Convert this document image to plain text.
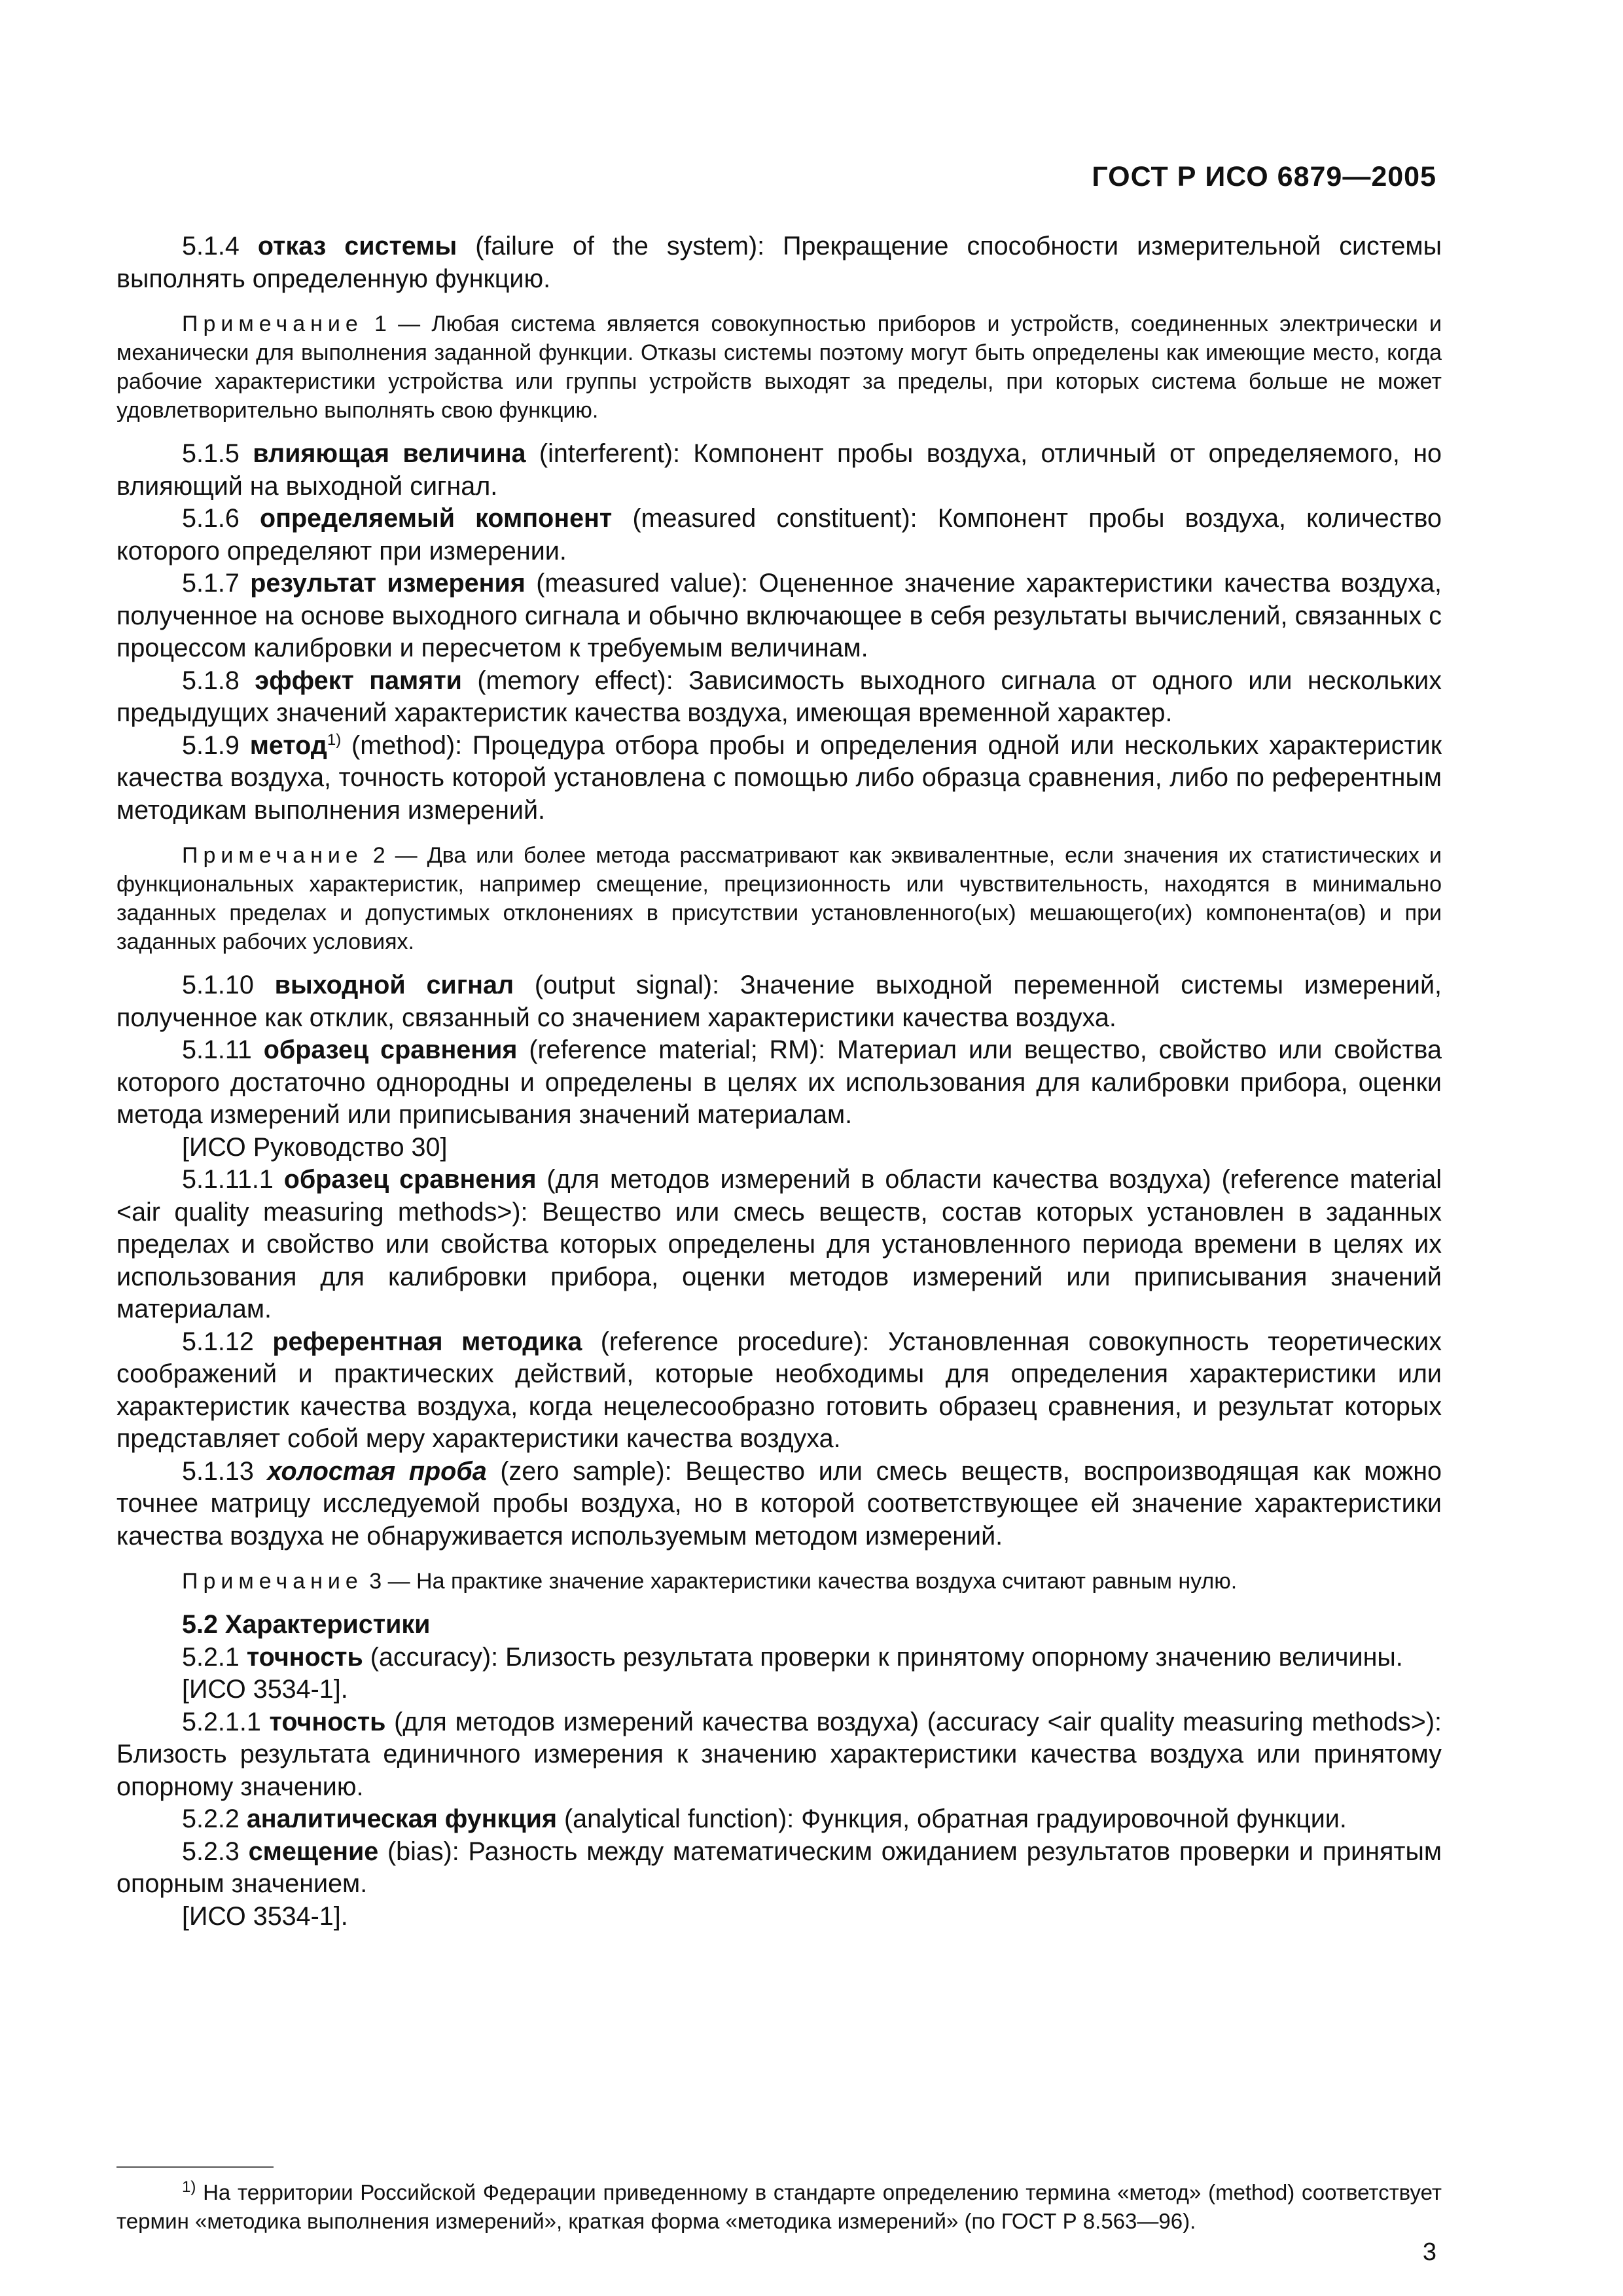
ГОСТ Р ИСО 6879—2005

5.1.4 отказ системы (failure of the system): Прекращение способности измерительной системы выполнять определенную функцию.

Примечание 1 — Любая система является совокупностью приборов и устройств, соединенных электрически и механически для выполнения заданной функции. Отказы системы поэтому могут быть определены как имеющие место, когда рабочие характеристики устройства или группы устройств выходят за пределы, при которых система больше не может удовлетворительно выполнять свою функцию.

5.1.5 влияющая величина (interferent): Компонент пробы воздуха, отличный от определяемого, но влияющий на выходной сигнал.

5.1.6 определяемый компонент (measured constituent): Компонент пробы воздуха, количество которого определяют при измерении.

5.1.7 результат измерения (measured value): Оцененное значение характеристики качества воздуха, полученное на основе выходного сигнала и обычно включающее в себя результаты вычислений, связанных с процессом калибровки и пересчетом к требуемым величинам.

5.1.8 эффект памяти (memory effect): Зависимость выходного сигнала от одного или нескольких предыдущих значений характеристик качества воздуха, имеющая временной характер.

5.1.9 метод$^{1)}$ (method): Процедура отбора пробы и определения одной или нескольких характеристик качества воздуха, точность которой установлена с помощью либо образца сравнения, либо по референтным методикам выполнения измерений.

Примечание 2 — Два или более метода рассматривают как эквивалентные, если значения их статистических и функциональных характеристик, например смещение, прецизионность или чувствительность, находятся в минимально заданных пределах и допустимых отклонениях в присутствии установленного(ых) мешающего(их) компонента(ов) и при заданных рабочих условиях.

5.1.10 выходной сигнал (output signal): Значение выходной переменной системы измерений, полученное как отклик, связанный со значением характеристики качества воздуха.

5.1.11 образец сравнения (reference material; RM): Материал или вещество, свойство или свойства которого достаточно однородны и определены в целях их использования для калибровки прибора, оценки метода измерений или приписывания значений материалам.

[ИСО Руководство 30]

5.1.11.1 образец сравнения (для методов измерений в области качества воздуха) (reference material <air quality measuring methods>): Вещество или смесь веществ, состав которых установлен в заданных пределах и свойство или свойства которых определены для установленного периода времени в целях их использования для калибровки прибора, оценки методов измерений или приписывания значений материалам.

5.1.12 референтная методика (reference procedure): Установленная совокупность теоретических соображений и практических действий, которые необходимы для определения характеристики или характеристик качества воздуха, когда нецелесообразно готовить образец сравнения, и результат которых представляет собой меру характеристики качества воздуха.

5.1.13 холостая проба (zero sample): Вещество или смесь веществ, воспроизводящая как можно точнее матрицу исследуемой пробы воздуха, но в которой соответствующее ей значение характеристики качества воздуха не обнаруживается используемым методом измерений.

Примечание 3 — На практике значение характеристики качества воздуха считают равным нулю.

5.2 Характеристики

5.2.1 точность (accuracy): Близость результата проверки к принятому опорному значению величины.

[ИСО 3534-1].

5.2.1.1 точность (для методов измерений качества воздуха) (accuracy <air quality measuring methods>): Близость результата единичного измерения к значению характеристики качества воздуха или принятому опорному значению.

5.2.2 аналитическая функция (analytical function): Функция, обратная градуировочной функции.

5.2.3 смещение (bias): Разность между математическим ожиданием результатов проверки и принятым опорным значением.

[ИСО 3534-1].

$^{1)}$ На территории Российской Федерации приведенному в стандарте определению термина «метод» (method) соответствует термин «методика выполнения измерений», краткая форма «методика измерений» (по ГОСТ Р 8.563—96).
3
